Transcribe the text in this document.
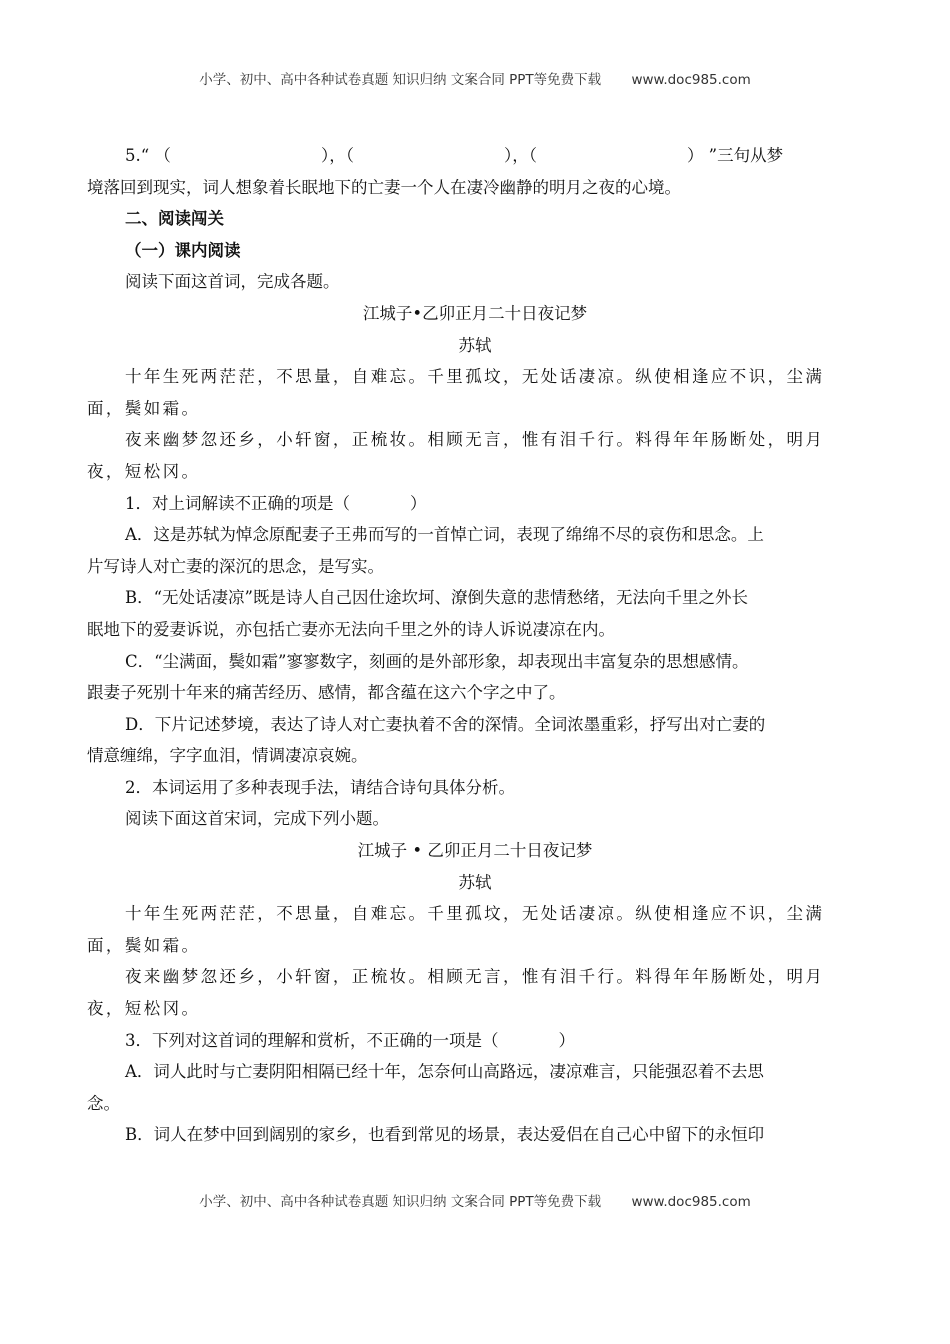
小学、初中、高中各种试卷真题 知识归纳 文案合同 PPT等免费下载 www.doc985.com

5.“ （	），（	），（	） ”三句从梦

境落回到现实，词人想象着长眠地下的亡妻一个人在凄冷幽静的明月之夜的心境。

二、阅读闯关

（一）课内阅读

阅读下面这首词，完成各题。

江城子•乙卯正月二十日夜记梦

苏轼

十年生死两茫茫，不思量，自难忘。千里孤坟，无处话凄凉。纵使相逢应不识，尘满

面，鬓如霜。

夜来幽梦忽还乡，小轩窗，正梳妆。相顾无言，惟有泪千行。料得年年肠断处，明月

夜，短松冈。

1．对上词解读不正确的项是（	）

A．这是苏轼为悼念原配妻子王弗而写的一首悼亡词，表现了绵绵不尽的哀伤和思念。上

片写诗人对亡妻的深沉的思念，是写实。

B．“无处话凄凉”既是诗人自己因仕途坎坷、潦倒失意的悲情愁绪，无法向千里之外长

眠地下的爱妻诉说，亦包括亡妻亦无法向千里之外的诗人诉说凄凉在内。

C．“尘满面，鬓如霜”寥寥数字，刻画的是外部形象，却表现出丰富复杂的思想感情。

跟妻子死别十年来的痛苦经历、感情，都含蕴在这六个字之中了。

D．下片记述梦境，表达了诗人对亡妻执着不舍的深情。全词浓墨重彩，抒写出对亡妻的

情意缠绵，字字血泪，情调凄凉哀婉。

2．本词运用了多种表现手法，请结合诗句具体分析。

阅读下面这首宋词，完成下列小题。

江城子 • 乙卯正月二十日夜记梦

苏轼

十年生死两茫茫，不思量，自难忘。千里孤坟，无处话凄凉。纵使相逢应不识，尘满

面，鬓如霜。

夜来幽梦忽还乡，小轩窗，正梳妆。相顾无言，惟有泪千行。料得年年肠断处，明月

夜，短松冈。

3．下列对这首词的理解和赏析，不正确的一项是（	）

A．词人此时与亡妻阴阳相隔已经十年，怎奈何山高路远，凄凉难言，只能强忍着不去思

念。

B．词人在梦中回到阔别的家乡，也看到常见的场景，表达爱侣在自己心中留下的永恒印

小学、初中、高中各种试卷真题 知识归纳 文案合同 PPT等免费下载 www.doc985.com
